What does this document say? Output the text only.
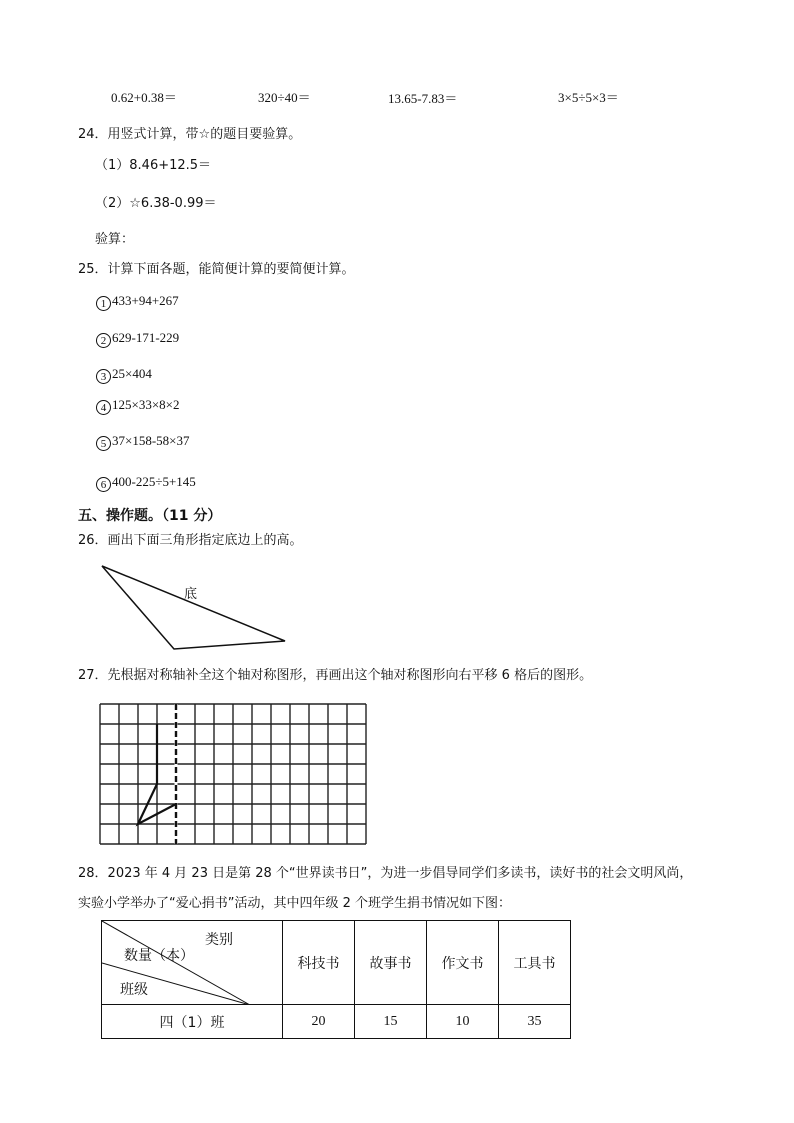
0.62+0.38＝	320÷40＝	13.65-7.83＝	3×5÷5×3＝
24．用竖式计算，带☆的题目要验算。
（1）8.46+12.5＝
（2）☆6.38-0.99＝
验算：
25．计算下面各题，能简便计算的要简便计算。
1 433+94+267
2 629-171-229
3 25×404
4 125×33×8×2
5 37×158-58×37
6 400-225÷5+145
五、操作题。（11 分）
26．画出下面三角形指定底边上的高。
底
27．先根据对称轴补全这个轴对称图形，再画出这个轴对称图形向右平移 6 格后的图形。
28．2023 年 4 月 23 日是第 28 个“世界读书日”，为进一步倡导同学们多读书，读好书的社会文明风尚，
实验小学举办了“爱心捐书”活动，其中四年级 2 个班学生捐书情况如下图：
类别
数量（本）
班级	科技书	故事书	作文书	工具书
四（1）班	20	15	10	35
